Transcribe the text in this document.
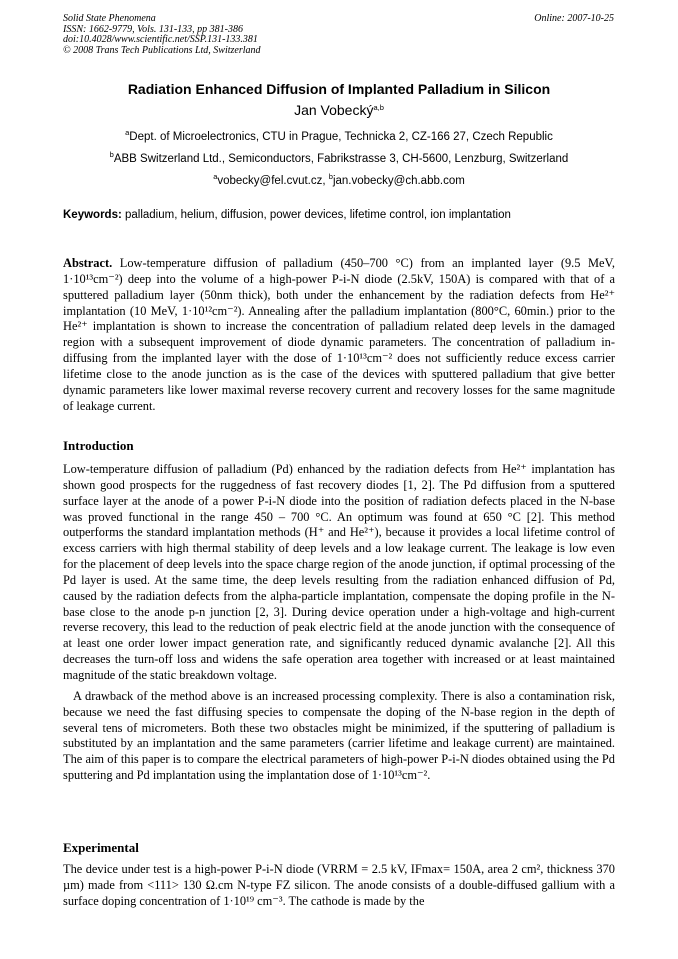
Solid State Phenomena
ISSN: 1662-9779, Vols. 131-133, pp 381-386
doi:10.4028/www.scientific.net/SSP.131-133.381
© 2008 Trans Tech Publications Ltd, Switzerland
Online: 2007-10-25
Radiation Enhanced Diffusion of Implanted Palladium in Silicon
Jan Vobecký$^{a,b}$
$^a$Dept. of Microelectronics, CTU in Prague, Technicka 2, CZ-166 27, Czech Republic
$^b$ABB Switzerland Ltd., Semiconductors, Fabrikstrasse 3, CH-5600, Lenzburg, Switzerland
$^a$vobecky@fel.cvut.cz, $^b$jan.vobecky@ch.abb.com
Keywords: palladium, helium, diffusion, power devices, lifetime control, ion implantation

Abstract. Low-temperature diffusion of palladium (450–700 °C) from an implanted layer (9.5 MeV, 1·10¹³cm⁻²) deep into the volume of a high-power P-i-N diode (2.5kV, 150A) is compared with that of a sputtered palladium layer (50nm thick), both under the enhancement by the radiation defects from He²⁺ implantation (10 MeV, 1·10¹²cm⁻²). Annealing after the palladium implantation (800°C, 60min.) prior to the He²⁺ implantation is shown to increase the concentration of palladium related deep levels in the damaged region with a subsequent improvement of diode dynamic parameters. The concentration of palladium in-diffusing from the implanted layer with the dose of 1·10¹³cm⁻² does not sufficiently reduce excess carrier lifetime close to the anode junction as is the case of the devices with sputtered palladium that give better dynamic parameters like lower maximal reverse recovery current and recovery losses for the same magnitude of leakage current.

Introduction

Low-temperature diffusion of palladium (Pd) enhanced by the radiation defects from He²⁺ implantation has shown good prospects for the ruggedness of fast recovery diodes [1, 2]. The Pd diffusion from a sputtered surface layer at the anode of a power P-i-N diode into the position of radiation defects placed in the N-base was proved functional in the range 450 – 700 °C. An optimum was found at 650 °C [2]. This method outperforms the standard implantation methods (H⁺ and He²⁺), because it provides a local lifetime control of excess carriers with high thermal stability of deep levels and a low leakage current. The leakage is low even for the placement of deep levels into the space charge region of the anode junction, if optimal processing of the Pd layer is used. At the same time, the deep levels resulting from the radiation enhanced diffusion of Pd, caused by the radiation defects from the alpha-particle implantation, compensate the doping profile in the N-base close to the anode p-n junction [2, 3]. During device operation under a high-voltage and high-current reverse recovery, this lead to the reduction of peak electric field at the anode junction with the consequence of at least one order lower impact generation rate, and significantly reduced dynamic avalanche [2]. All this decreases the turn-off loss and widens the safe operation area together with increased or at least maintained magnitude of the static breakdown voltage.

A drawback of the method above is an increased processing complexity. There is also a contamination risk, because we need the fast diffusing species to compensate the doping of the N-base region in the depth of several tens of micrometers. Both these two obstacles might be minimized, if the sputtering of palladium is substituted by an implantation and the same parameters (carrier lifetime and leakage current) are maintained. The aim of this paper is to compare the electrical parameters of high-power P-i-N diodes obtained using the Pd sputtering and Pd implantation using the implantation dose of 1·10¹³cm⁻².

Experimental

The device under test is a high-power P-i-N diode (VRRM = 2.5 kV, IFmax= 150A, area 2 cm², thickness 370 µm) made from <111> 130 Ω.cm N-type FZ silicon. The anode consists of a double-diffused gallium with a surface doping concentration of 1·10¹⁹ cm⁻³. The cathode is made by the
